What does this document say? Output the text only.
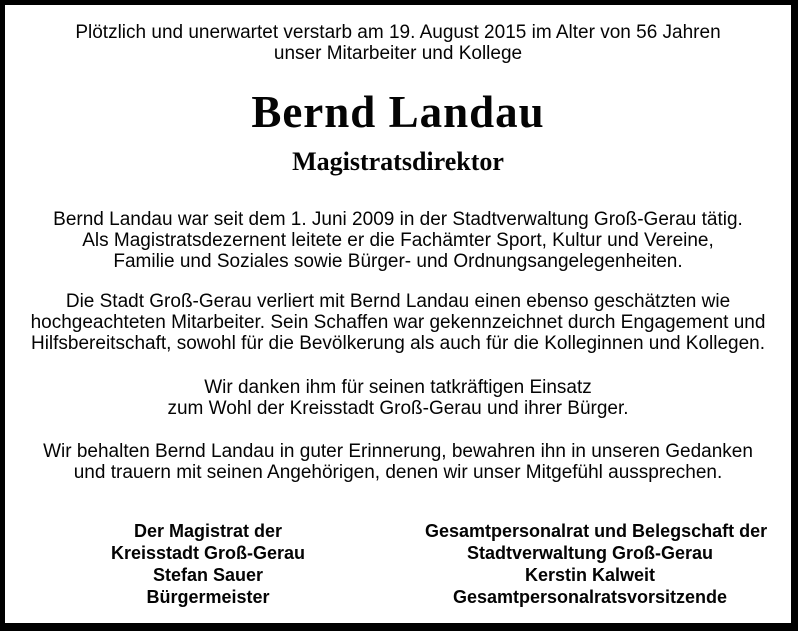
Plötzlich und unerwartet verstarb am 19. August 2015 im Alter von 56 Jahren
unser Mitarbeiter und Kollege
Bernd Landau
Magistratsdirektor
Bernd Landau war seit dem 1. Juni 2009 in der Stadtverwaltung Groß-Gerau tätig.
Als Magistratsdezernent leitete er die Fachämter Sport, Kultur und Vereine,
Familie und Soziales sowie Bürger- und Ordnungsangelegenheiten.
Die Stadt Groß-Gerau verliert mit Bernd Landau einen ebenso geschätzten wie
hochgeachteten Mitarbeiter. Sein Schaffen war gekennzeichnet durch Engagement und
Hilfsbereitschaft, sowohl für die Bevölkerung als auch für die Kolleginnen und Kollegen.
Wir danken ihm für seinen tatkräftigen Einsatz
zum Wohl der Kreisstadt Groß-Gerau und ihrer Bürger.
Wir behalten Bernd Landau in guter Erinnerung, bewahren ihn in unseren Gedanken
und trauern mit seinen Angehörigen, denen wir unser Mitgefühl aussprechen.
Der Magistrat der
Kreisstadt Groß-Gerau
Stefan Sauer
Bürgermeister
Gesamtpersonalrat und Belegschaft der
Stadtverwaltung Groß-Gerau
Kerstin Kalweit
Gesamtpersonalratsvorsitzende
